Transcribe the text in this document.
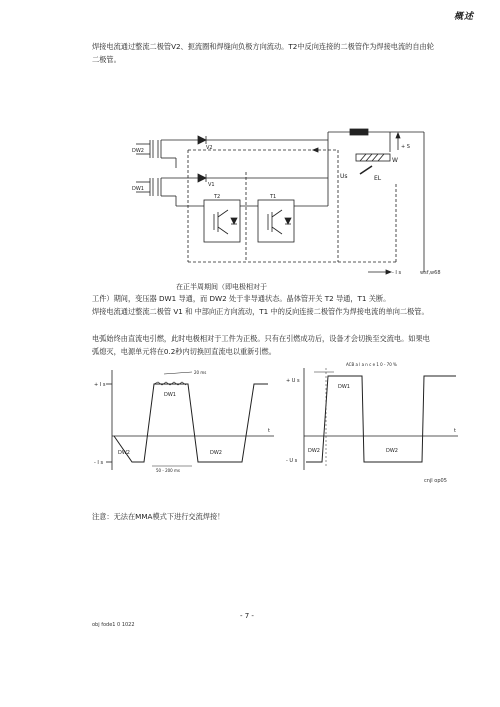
概述
焊接电流通过整流二极管V2、扼流圈和焊缝向负极方向流动。T2中反向连接的二极管作为焊接电流的自由轮
二极管。
DW2
DW1
V2
V1
W
EL
Us
+ S
T2	T1
- I s	wsf,w68
在正半周期间（即电极相对于
工件）期间，变压器 DW1 导通，而 DW2 处于非导通状态。晶体管开关 T2 导通，T1 关断。
焊接电流通过整流二极管 V1 和 中部向正方向流动，T1 中的反向连接二极管作为焊接电流的单向二极管。
电弧始终由直流电引燃，此时电极相对于工件为正极。只有在引燃成功后，设备才会切换至交流电。如果电
弧熄灭，电源单元将在0.2秒内切换回直流电以重新引燃。
+ I s
- I s
t
DW1
DW2	DW2
20 ms
50 - 200 ms
ACB a l a n c e 1 0 - 70 %
+ U s
- U s
t
DW1
DW2	DW2
cnjl op05
注意：无法在MMA模式下进行交流焊接！
- 7 -
obj fode1 0 1022
